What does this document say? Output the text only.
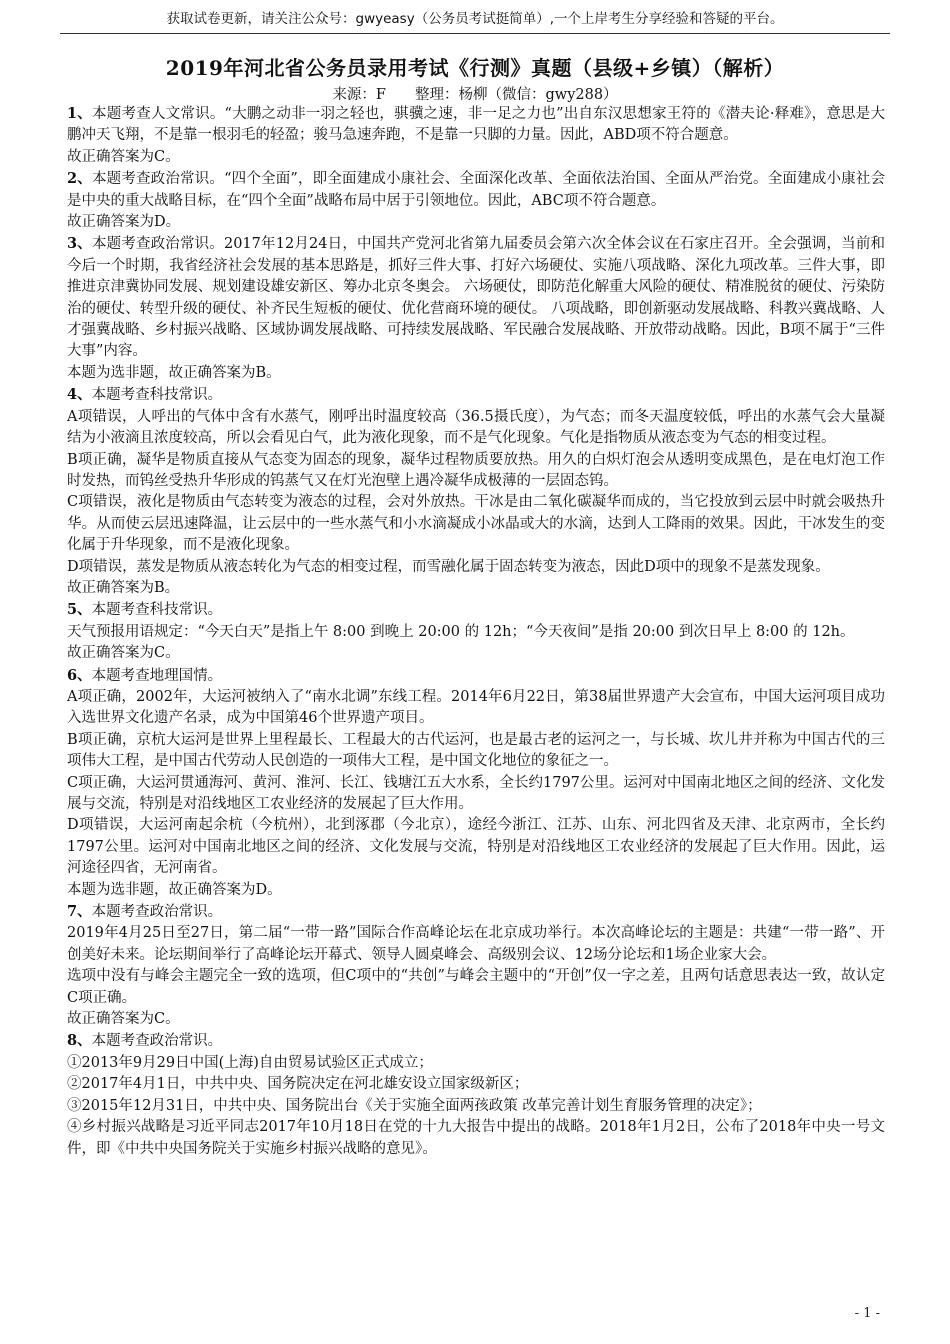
获取试卷更新，请关注公众号：gwyeasy（公务员考试挺简单）,一个上岸考生分享经验和答疑的平台。
2019年河北省公务员录用考试《行测》真题（县级+乡镇）（解析）
来源：F　　整理：杨柳（微信：gwy288）

1、本题考查人文常识。“大鹏之动非一羽之轻也，骐骥之速，非一足之力也”出自东汉思想家王符的《潜夫论·释难》，意思是大鹏冲天飞翔，不是靠一根羽毛的轻盈；骏马急速奔跑，不是靠一只脚的力量。因此，ABD项不符合题意。

故正确答案为C。

2、本题考查政治常识。“四个全面”，即全面建成小康社会、全面深化改革、全面依法治国、全面从严治党。全面建成小康社会是中央的重大战略目标，在“四个全面”战略布局中居于引领地位。因此，ABC项不符合题意。

故正确答案为D。

3、本题考查政治常识。2017年12月24日，中国共产党河北省第九届委员会第六次全体会议在石家庄召开。全会强调，当前和今后一个时期，我省经济社会发展的基本思路是，抓好三件大事、打好六场硬仗、实施八项战略、深化九项改革。三件大事，即推进京津冀协同发展、规划建设雄安新区、筹办北京冬奥会。 六场硬仗，即防范化解重大风险的硬仗、精准脱贫的硬仗、污染防治的硬仗、转型升级的硬仗、补齐民生短板的硬仗、优化营商环境的硬仗。 八项战略，即创新驱动发展战略、科教兴冀战略、人才强冀战略、乡村振兴战略、区域协调发展战略、可持续发展战略、军民融合发展战略、开放带动战略。因此，B项不属于“三件大事”内容。

本题为选非题，故正确答案为B。

4、本题考查科技常识。

A项错误，人呼出的气体中含有水蒸气，刚呼出时温度较高（36.5摄氏度），为气态；而冬天温度较低，呼出的水蒸气会大量凝结为小液滴且浓度较高，所以会看见白气，此为液化现象，而不是气化现象。气化是指物质从液态变为气态的相变过程。

B项正确，凝华是物质直接从气态变为固态的现象，凝华过程物质要放热。用久的白炽灯泡会从透明变成黑色，是在电灯泡工作时发热，而钨丝受热升华形成的钨蒸气又在灯光泡壁上遇冷凝华成极薄的一层固态钨。

C项错误，液化是物质由气态转变为液态的过程，会对外放热。干冰是由二氧化碳凝华而成的，当它投放到云层中时就会吸热升华。从而使云层迅速降温，让云层中的一些水蒸气和小水滴凝成小冰晶或大的水滴，达到人工降雨的效果。因此，干冰发生的变化属于升华现象，而不是液化现象。

D项错误，蒸发是物质从液态转化为气态的相变过程，而雪融化属于固态转变为液态，因此D项中的现象不是蒸发现象。

故正确答案为B。

5、本题考查科技常识。

天气预报用语规定：“今天白天”是指上午 8:00 到晚上 20:00 的 12h；“今天夜间”是指 20:00 到次日早上 8:00 的 12h。

故正确答案为C。

6、本题考查地理国情。

A项正确，2002年，大运河被纳入了“南水北调”东线工程。2014年6月22日，第38届世界遗产大会宣布，中国大运河项目成功入选世界文化遗产名录，成为中国第46个世界遗产项目。

B项正确，京杭大运河是世界上里程最长、工程最大的古代运河，也是最古老的运河之一，与长城、坎儿井并称为中国古代的三项伟大工程，是中国古代劳动人民创造的一项伟大工程，是中国文化地位的象征之一。

C项正确，大运河贯通海河、黄河、淮河、长江、钱塘江五大水系，全长约1797公里。运河对中国南北地区之间的经济、文化发展与交流，特别是对沿线地区工农业经济的发展起了巨大作用。

D项错误，大运河南起余杭（今杭州），北到涿郡（今北京），途经今浙江、江苏、山东、河北四省及天津、北京两市，全长约1797公里。运河对中国南北地区之间的经济、文化发展与交流，特别是对沿线地区工农业经济的发展起了巨大作用。因此，运河途径四省，无河南省。

本题为选非题，故正确答案为D。

7、本题考查政治常识。

2019年4月25日至27日，第二届“一带一路”国际合作高峰论坛在北京成功举行。本次高峰论坛的主题是：共建“一带一路”、开创美好未来。论坛期间举行了高峰论坛开幕式、领导人圆桌峰会、高级别会议、12场分论坛和1场企业家大会。

选项中没有与峰会主题完全一致的选项，但C项中的“共创”与峰会主题中的“开创”仅一字之差，且两句话意思表达一致，故认定C项正确。

故正确答案为C。

8、本题考查政治常识。

①2013年9月29日中国(上海)自由贸易试验区正式成立；

②2017年4月1日，中共中央、国务院决定在河北雄安设立国家级新区；

③2015年12月31日，中共中央、国务院出台《关于实施全面两孩政策 改革完善计划生育服务管理的决定》；

④乡村振兴战略是习近平同志2017年10月18日在党的十九大报告中提出的战略。2018年1月2日，公布了2018年中央一号文件，即《中共中央国务院关于实施乡村振兴战略的意见》。

- 1 -
